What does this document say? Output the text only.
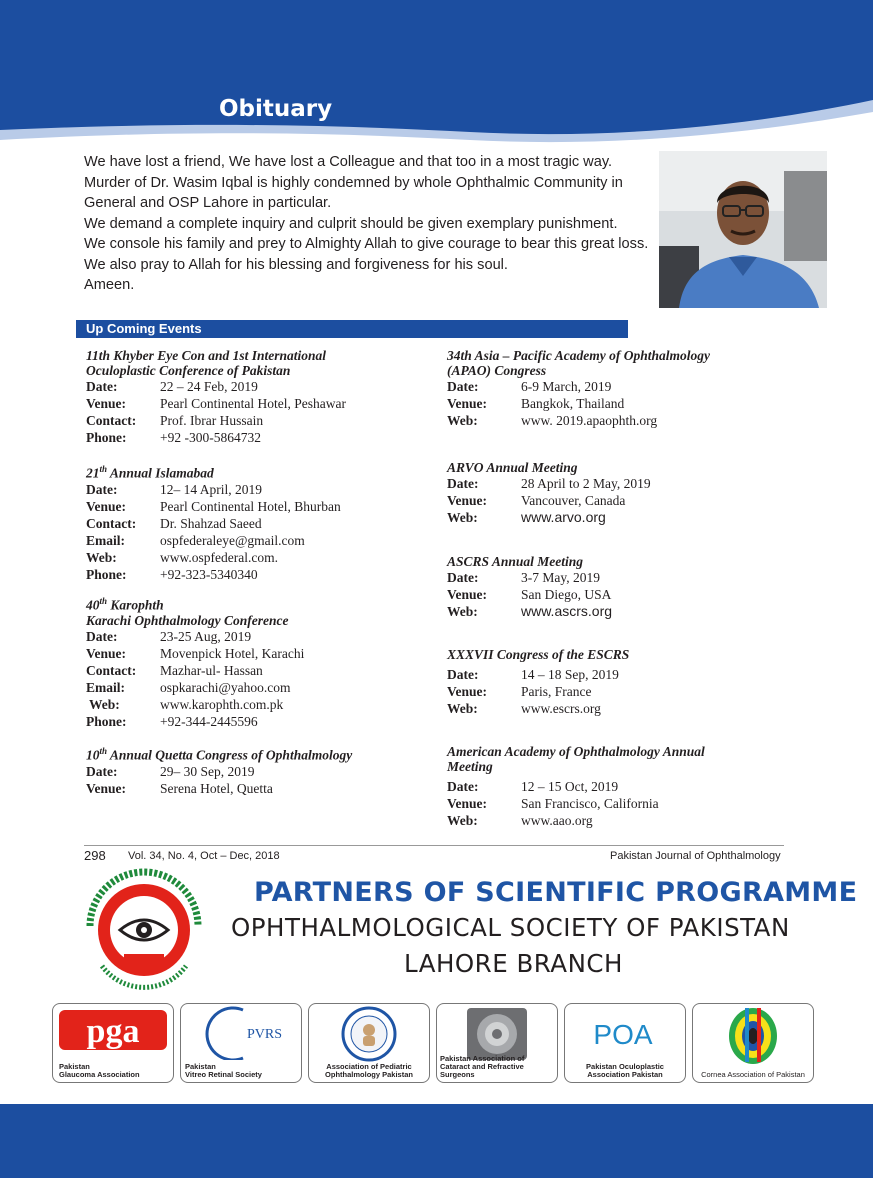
Obituary
We have lost a friend, We have lost a Colleague and that too in a most tragic way.
Murder of Dr. Wasim Iqbal is highly condemned by whole Ophthalmic Community in
General and OSP Lahore in particular.
We demand a complete inquiry and culprit should be given exemplary punishment.
We console his family and prey to Almighty Allah to give courage to bear this great loss.
We also pray to Allah for his blessing and forgiveness for his soul.
Ameen.
Up Coming Events
11th Khyber Eye Con and 1st International
Oculoplastic Conference of Pakistan
Date:	22 – 24 Feb, 2019
Venue:	Pearl Continental Hotel, Peshawar
Contact: Prof. Ibrar Hussain
Phone: +92 -300-5864732
21th Annual Islamabad
Date:	12– 14 April, 2019
Venue:	Pearl Continental Hotel, Bhurban
Contact: Dr. Shahzad Saeed
Email:	ospfederaleye@gmail.com
Web:	www.ospfederal.com.
Phone: +92-323-5340340
40th Karophth
Karachi Ophthalmology Conference
Date:	23-25 Aug, 2019
Venue:	Movenpick Hotel, Karachi
Contact: Mazhar-ul- Hassan
Email:	ospkarachi@yahoo.com
Web:	www.karophth.com.pk
Phone: +92-344-2445596
10th Annual Quetta Congress of Ophthalmology
Date:	29– 30 Sep, 2019
Venue:	Serena Hotel, Quetta
34th Asia – Pacific Academy of Ophthalmology
(APAO) Congress
Date:	6-9 March, 2019
Venue:	Bangkok, Thailand
Web:	www. 2019.apaophth.org
ARVO Annual Meeting
Date:	28 April to 2 May, 2019
Venue:	Vancouver, Canada
Web:	www.arvo.org
ASCRS Annual Meeting
Date:	3-7 May, 2019
Venue:	San Diego, USA
Web:	www.ascrs.org
XXXVII Congress of the ESCRS
Date:	14 – 18 Sep, 2019
Venue:	Paris, France
Web:	www.escrs.org
American Academy of Ophthalmology Annual
Meeting
Date:	12 – 15 Oct, 2019
Venue:	San Francisco, California
Web:	www.aao.org
298 Vol. 34, No. 4, Oct – Dec, 2018	Pakistan Journal of Ophthalmology
PARTNERS OF SCIENTIFIC PROGRAMME
OPHTHALMOLOGICAL SOCIETY OF PAKISTAN
LAHORE BRANCH
pga
Pakistan
Glaucoma Association
PVRS
Pakistan
Vitreo Retinal Society
Association of Pediatric
Ophthalmology Pakistan
Pakistan Association of
Cataract and Refractive Surgeons
POA
Pakistan Oculoplastic
Association Pakistan	Cornea Association of Pakistan
